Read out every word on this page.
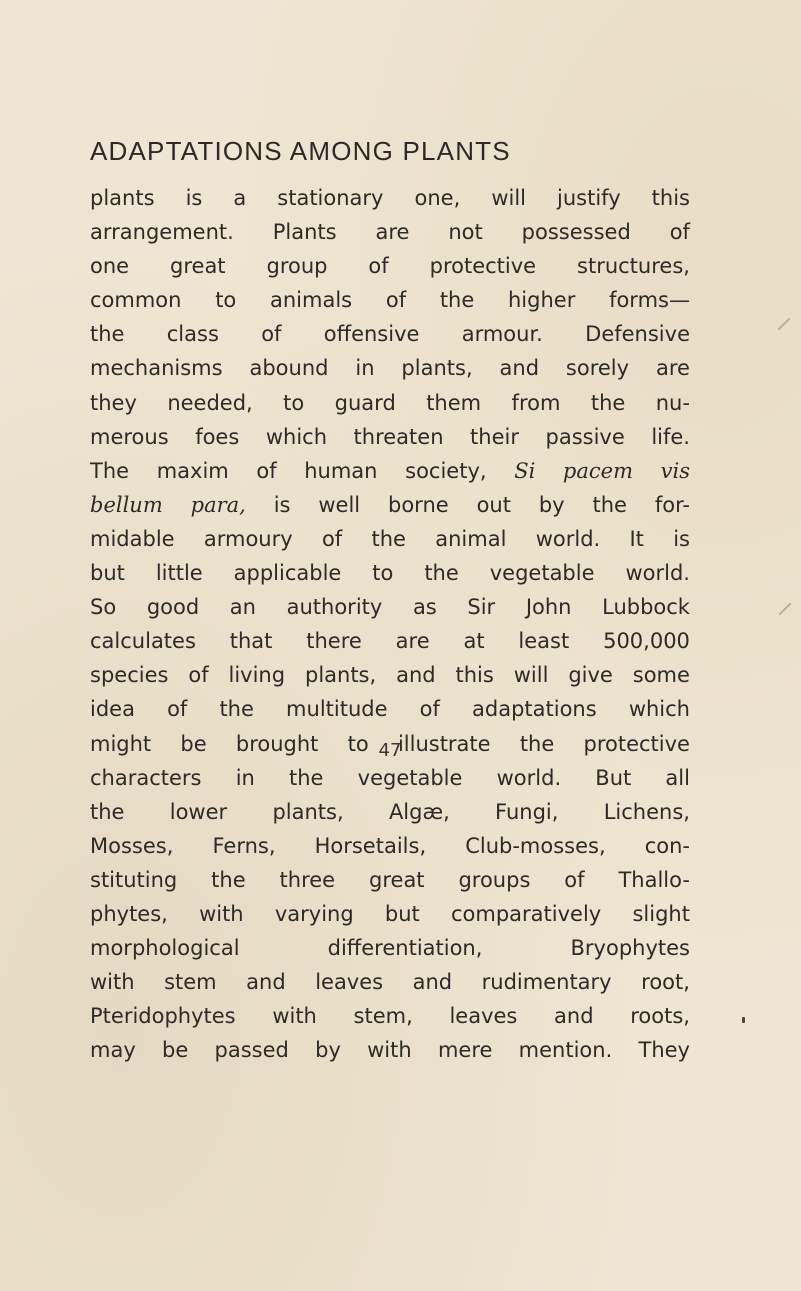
ADAPTATIONS AMONG PLANTS
plants is a stationary one, will justify this
arrangement. Plants are not possessed of
one great group of protective structures,
common to animals of the higher forms—
the class of offensive armour. Defensive
mechanisms abound in plants, and sorely are
they needed, to guard them from the nu-
merous foes which threaten their passive life.
The maxim of human society, Si pacem vis
bellum para, is well borne out by the for-
midable armoury of the animal world. It is
but little applicable to the vegetable world.
So good an authority as Sir John Lubbock
calculates that there are at least 500,000
species of living plants, and this will give some
idea of the multitude of adaptations which
might be brought to illustrate the protective
characters in the vegetable world. But all
the lower plants, Algæ, Fungi, Lichens,
Mosses, Ferns, Horsetails, Club-mosses, con-
stituting the three great groups of Thallo-
phytes, with varying but comparatively slight
morphological	differentiation,	Bryophytes
with stem and leaves and rudimentary root,
Pteridophytes with stem, leaves and roots,
may be passed by with mere mention. They

47
